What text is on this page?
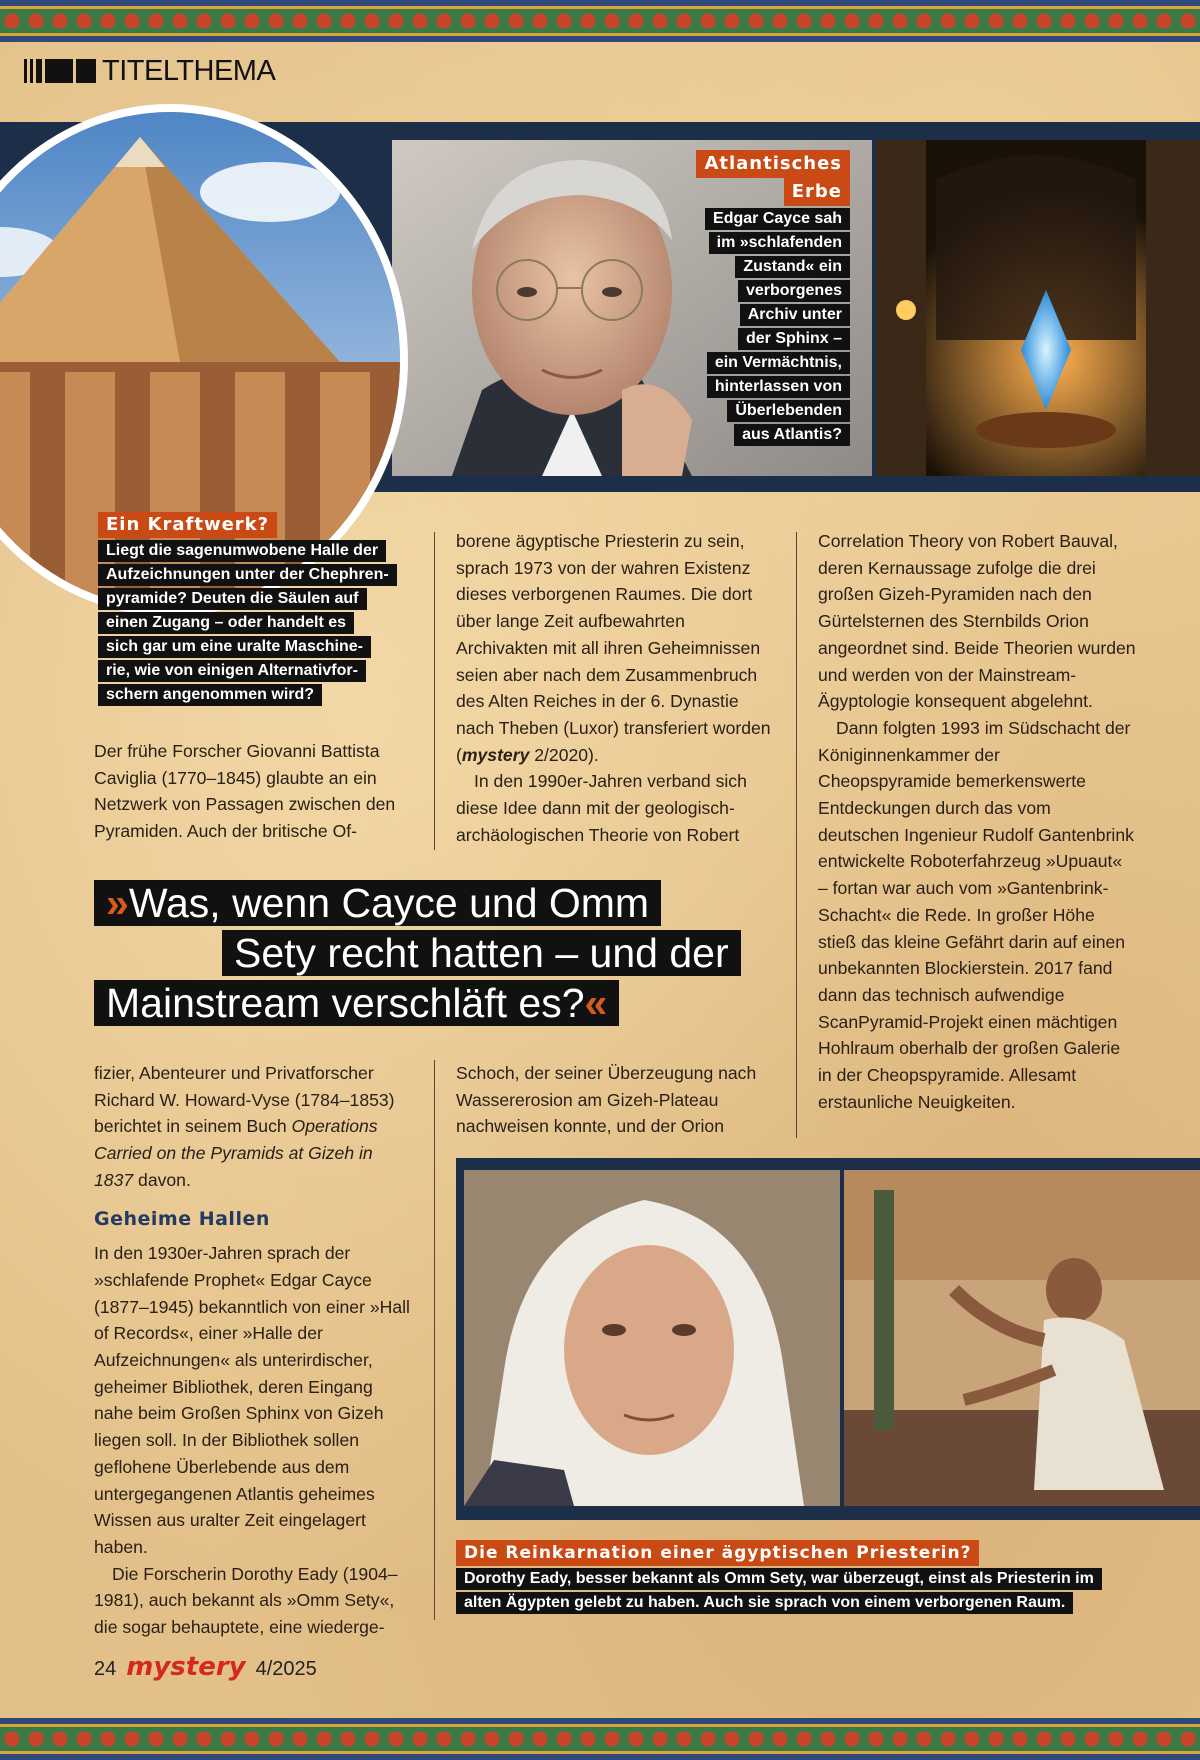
TITELTHEMA
Atlantisches
Erbe
Edgar Cayce sah
im »schlafenden
Zustand« ein
verborgenes
Archiv unter
der Sphinx –
ein Vermächtnis,
hinterlassen von
Überlebenden
aus Atlantis?
Ein Kraftwerk?
Liegt die sagenumwobene Halle der
Aufzeichnungen unter der Chephren-
pyramide? Deuten die Säulen auf
einen Zugang – oder handelt es
sich gar um eine uralte Maschine-
rie, wie von einigen Alternativfor-
schern angenommen wird?

Der frühe Forscher Giovanni Battista Caviglia (1770–1845) glaubte an ein Netzwerk von Passagen zwischen den Pyramiden. Auch der britische Of-

borene ägyptische Priesterin zu sein, sprach 1973 von der wahren Existenz dieses verborgenen Raumes. Die dort über lange Zeit aufbewahrten Archivakten mit all ihren Geheimnissen seien aber nach dem Zusammenbruch des Alten Reiches in der 6. Dynastie nach Theben (Luxor) transferiert worden (mystery 2/2020).

In den 1990er-Jahren verband sich diese Idee dann mit der geologisch-archäologischen Theorie von Robert

Correlation Theory von Robert Bauval, deren Kernaussage zufolge die drei großen Gizeh-Pyramiden nach den Gürtelsternen des Sternbilds Orion angeordnet sind. Beide Theorien wurden und werden von der Mainstream-Ägyptologie konsequent abgelehnt.

Dann folgten 1993 im Südschacht der Königinnenkammer der Cheopspyramide bemerkenswerte Entdeckungen durch das vom deutschen Ingenieur Rudolf Gantenbrink entwickelte Roboterfahrzeug »Upuaut« – fortan war auch vom »Gantenbrink-Schacht« die Rede. In großer Höhe stieß das kleine Gefährt darin auf einen unbekannten Blockierstein. 2017 fand dann das technisch aufwendige ScanPyramid-Projekt einen mächtigen Hohlraum oberhalb der großen Galerie in der Cheopspyramide. Allesamt erstaunliche Neuigkeiten.

»Was, wenn Cayce und Omm
Sety recht hatten – und der
Mainstream verschläft es?«

fizier, Abenteurer und Privatforscher Richard W. Howard-Vyse (1784–1853) berichtet in seinem Buch Operations Carried on the Pyramids at Gizeh in 1837 davon.

Geheime Hallen

In den 1930er-Jahren sprach der »schlafende Prophet« Edgar Cayce (1877–1945) bekanntlich von einer »Hall of Records«, einer »Halle der Aufzeichnungen« als unterirdischer, geheimer Bibliothek, deren Eingang nahe beim Großen Sphinx von Gizeh liegen soll. In der Bibliothek sollen geflohene Überlebende aus dem untergegangenen Atlantis geheimes Wissen aus uralter Zeit eingelagert haben.

Die Forscherin Dorothy Eady (1904–1981), auch bekannt als »Omm Sety«, die sogar behauptete, eine wiederge-

Schoch, der seiner Überzeugung nach Wassererosion am Gizeh-Plateau nachweisen konnte, und der Orion

Die Reinkarnation einer ägyptischen Priesterin?
Dorothy Eady, besser bekannt als Omm Sety, war überzeugt, einst als Priesterin im
alten Ägypten gelebt zu haben. Auch sie sprach von einem verborgenen Raum.
24 mystery 4/2025
